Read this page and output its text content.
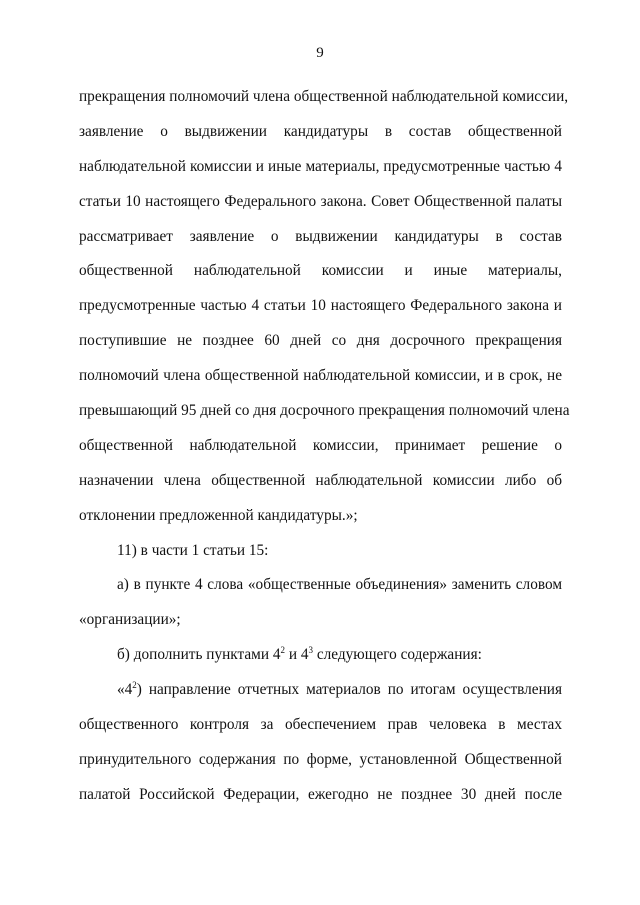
9
прекращения полномочий члена общественной наблюдательной комиссии,
заявление о выдвижении кандидатуры в состав общественной
наблюдательной комиссии и иные материалы, предусмотренные частью 4
статьи 10 настоящего Федерального закона. Совет Общественной палаты
рассматривает заявление о выдвижении кандидатуры в состав
общественной наблюдательной комиссии и иные материалы,
предусмотренные частью 4 статьи 10 настоящего Федерального закона и
поступившие не позднее 60 дней со дня досрочного прекращения
полномочий члена общественной наблюдательной комиссии, и в срок, не
превышающий 95 дней со дня досрочного прекращения полномочий члена
общественной наблюдательной комиссии, принимает решение о
назначении члена общественной наблюдательной комиссии либо об
отклонении предложенной кандидатуры.»;
11) в части 1 статьи 15:
а) в пункте 4 слова «общественные объединения» заменить словом
«организации»;
б) дополнить пунктами $4^2$ и $4^3$ следующего содержания:
«$4^2$) направление отчетных материалов по итогам осуществления
общественного контроля за обеспечением прав человека в местах
принудительного содержания по форме, установленной Общественной
палатой Российской Федерации, ежегодно не позднее 30 дней после
